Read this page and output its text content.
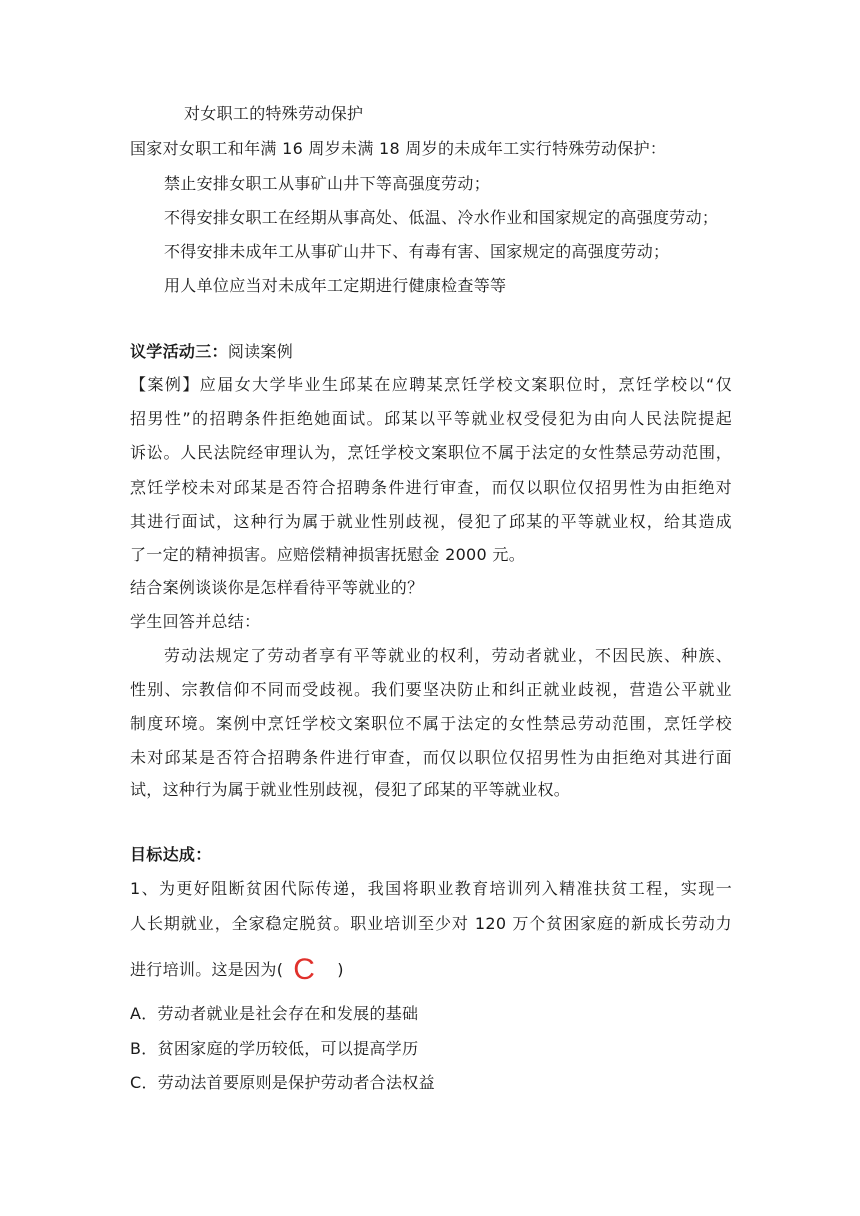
对女职工的特殊劳动保护
国家对女职工和年满 16 周岁未满 18 周岁的未成年工实行特殊劳动保护：
禁止安排女职工从事矿山井下等高强度劳动；
不得安排女职工在经期从事高处、低温、冷水作业和国家规定的高强度劳动；
不得安排未成年工从事矿山井下、有毒有害、国家规定的高强度劳动；
用人单位应当对未成年工定期进行健康检查等等
议学活动三：阅读案例
【案例】应届女大学毕业生邱某在应聘某烹饪学校文案职位时，烹饪学校以“仅
招男性”的招聘条件拒绝她面试。邱某以平等就业权受侵犯为由向人民法院提起
诉讼。人民法院经审理认为，烹饪学校文案职位不属于法定的女性禁忌劳动范围，
烹饪学校未对邱某是否符合招聘条件进行审查，而仅以职位仅招男性为由拒绝对
其进行面试，这种行为属于就业性别歧视，侵犯了邱某的平等就业权，给其造成
了一定的精神损害。应赔偿精神损害抚慰金 2000 元。
结合案例谈谈你是怎样看待平等就业的？
学生回答并总结：
劳动法规定了劳动者享有平等就业的权利，劳动者就业，不因民族、种族、
性别、宗教信仰不同而受歧视。我们要坚决防止和纠正就业歧视，营造公平就业
制度环境。案例中烹饪学校文案职位不属于法定的女性禁忌劳动范围，烹饪学校
未对邱某是否符合招聘条件进行审查，而仅以职位仅招男性为由拒绝对其进行面
试，这种行为属于就业性别歧视，侵犯了邱某的平等就业权。
目标达成：
1、为更好阻断贫困代际传递，我国将职业教育培训列入精准扶贫工程，实现一
人长期就业，全家稳定脱贫。职业培训至少对 120 万个贫困家庭的新成长劳动力
进行培训。这是因为( C )
A．劳动者就业是社会存在和发展的基础
B．贫困家庭的学历较低，可以提高学历
C．劳动法首要原则是保护劳动者合法权益
